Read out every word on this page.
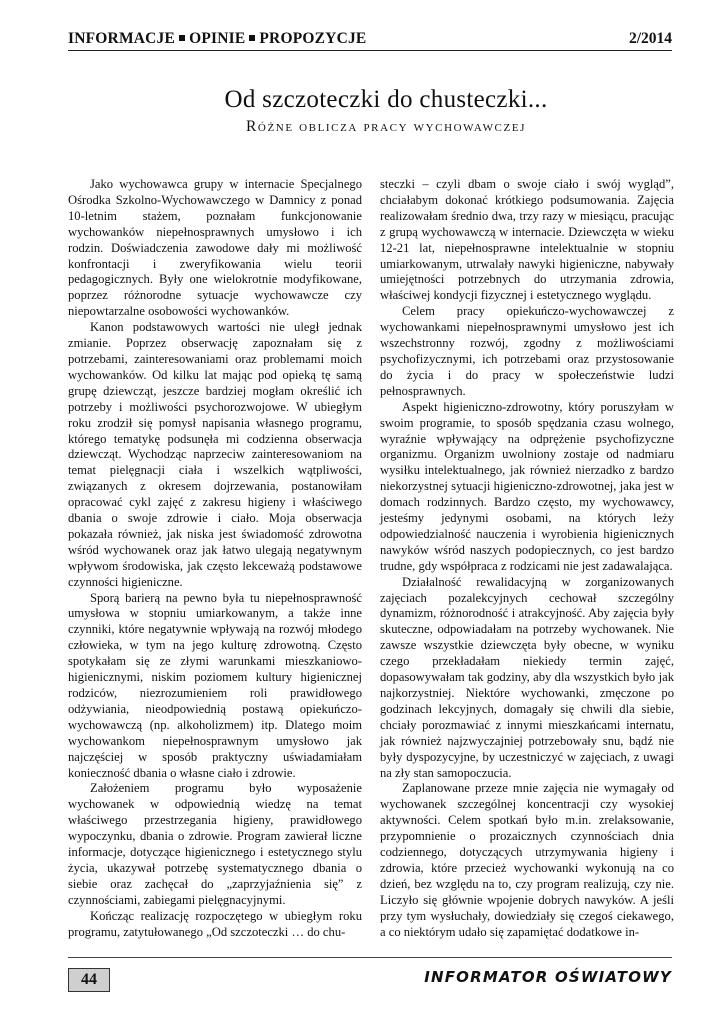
INFORMACJE OPINIE PROPOZYCJE	2/2014
Od szczoteczki do chusteczki...
Różne oblicza pracy wychowawczej

Jako wychowawca grupy w internacie Specjalnego Ośrodka Szkolno-Wychowawczego w Damnicy z ponad 10-letnim stażem, poznałam funkcjonowanie wychowanków niepełnosprawnych umysłowo i ich rodzin. Doświadczenia zawodowe dały mi możliwość konfrontacji i zweryfikowania wielu teorii pedagogicznych. Były one wielokrotnie modyfikowane, poprzez różnorodne sytuacje wychowawcze czy niepowtarzalne osobowości wychowanków.

Kanon podstawowych wartości nie uległ jednak zmianie. Poprzez obserwację zapoznałam się z potrzebami, zainteresowaniami oraz problemami moich wychowanków. Od kilku lat mając pod opieką tę samą grupę dziewcząt, jeszcze bardziej mogłam określić ich potrzeby i możliwości psychorozwojowe. W ubiegłym roku zrodził się pomysł napisania własnego programu, którego tematykę podsunęła mi codzienna obserwacja dziewcząt. Wychodząc naprzeciw zainteresowaniom na temat pielęgnacji ciała i wszelkich wątpliwości, związanych z okresem dojrzewania, postanowiłam opracować cykl zajęć z zakresu higieny i właściwego dbania o swoje zdrowie i ciało. Moja obserwacja pokazała również, jak niska jest świadomość zdrowotna wśród wychowanek oraz jak łatwo ulegają negatywnym wpływom środowiska, jak często lekceważą podstawowe czynności higieniczne.

Sporą barierą na pewno była tu niepełnosprawność umysłowa w stopniu umiarkowanym, a także inne czynniki, które negatywnie wpływają na rozwój młodego człowieka, w tym na jego kulturę zdrowotną. Często spotykałam się ze złymi warunkami mieszkaniowo-higienicznymi, niskim poziomem kultury higienicznej rodziców, niezrozumieniem roli prawidłowego odżywiania, nieodpowiednią postawą opiekuńczo-wychowawczą (np. alkoholizmem) itp. Dlatego moim wychowankom niepełnosprawnym umysłowo jak najczęściej w sposób praktyczny uświadamiałam konieczność dbania o własne ciało i zdrowie.

Założeniem programu było wyposażenie wychowanek w odpowiednią wiedzę na temat właściwego przestrzegania higieny, prawidłowego wypoczynku, dbania o zdrowie. Program zawierał liczne informacje, dotyczące higienicznego i estetycznego stylu życia, ukazywał potrzebę systematycznego dbania o siebie oraz zachęcał do „zaprzyjaźnienia się” z czynnościami, zabiegami pielęgnacyjnymi.

Kończąc realizację rozpoczętego w ubiegłym roku programu, zatytułowanego „Od szczoteczki … do chu-

steczki – czyli dbam o swoje ciało i swój wygląd”, chciałabym dokonać krótkiego podsumowania. Zajęcia realizowałam średnio dwa, trzy razy w miesiącu, pracując z grupą wychowawczą w internacie. Dziewczęta w wieku 12-21 lat, niepełnosprawne intelektualnie w stopniu umiarkowanym, utrwalały nawyki higieniczne, nabywały umiejętności potrzebnych do utrzymania zdrowia, właściwej kondycji fizycznej i estetycznego wyglądu.

Celem pracy opiekuńczo-wychowawczej z wychowankami niepełnosprawnymi umysłowo jest ich wszechstronny rozwój, zgodny z możliwościami psychofizycznymi, ich potrzebami oraz przystosowanie do życia i do pracy w społeczeństwie ludzi pełnosprawnych.

Aspekt higieniczno-zdrowotny, który poruszyłam w swoim programie, to sposób spędzania czasu wolnego, wyraźnie wpływający na odprężenie psychofizyczne organizmu. Organizm uwolniony zostaje od nadmiaru wysiłku intelektualnego, jak również nierzadko z bardzo niekorzystnej sytuacji higieniczno-zdrowotnej, jaka jest w domach rodzinnych. Bardzo często, my wychowawcy, jesteśmy jedynymi osobami, na których leży odpowiedzialność nauczenia i wyrobienia higienicznych nawyków wśród naszych podopiecznych, co jest bardzo trudne, gdy współpraca z rodzicami nie jest zadawalająca.

Działalność rewalidacyjną w zorganizowanych zajęciach pozalekcyjnych cechował szczególny dynamizm, różnorodność i atrakcyjność. Aby zajęcia były skuteczne, odpowiadałam na potrzeby wychowanek. Nie zawsze wszystkie dziewczęta były obecne, w wyniku czego przekładałam niekiedy termin zajęć, dopasowywałam tak godziny, aby dla wszystkich było jak najkorzystniej. Niektóre wychowanki, zmęczone po godzinach lekcyjnych, domagały się chwili dla siebie, chciały porozmawiać z innymi mieszkańcami internatu, jak również najzwyczajniej potrzebowały snu, bądź nie były dyspozycyjne, by uczestniczyć w zajęciach, z uwagi na zły stan samopoczucia.

Zaplanowane przeze mnie zajęcia nie wymagały od wychowanek szczególnej koncentracji czy wysokiej aktywności. Celem spotkań było m.in. zrelaksowanie, przypomnienie o prozaicznych czynnościach dnia codziennego, dotyczących utrzymywania higieny i zdrowia, które przecież wychowanki wykonują na co dzień, bez względu na to, czy program realizują, czy nie. Liczyło się głównie wpojenie dobrych nawyków. A jeśli przy tym wysłuchały, dowiedziały się czegoś ciekawego, a co niektórym udało się zapamiętać dodatkowe in-

44	INFORMATOR OŚWIATOWY
